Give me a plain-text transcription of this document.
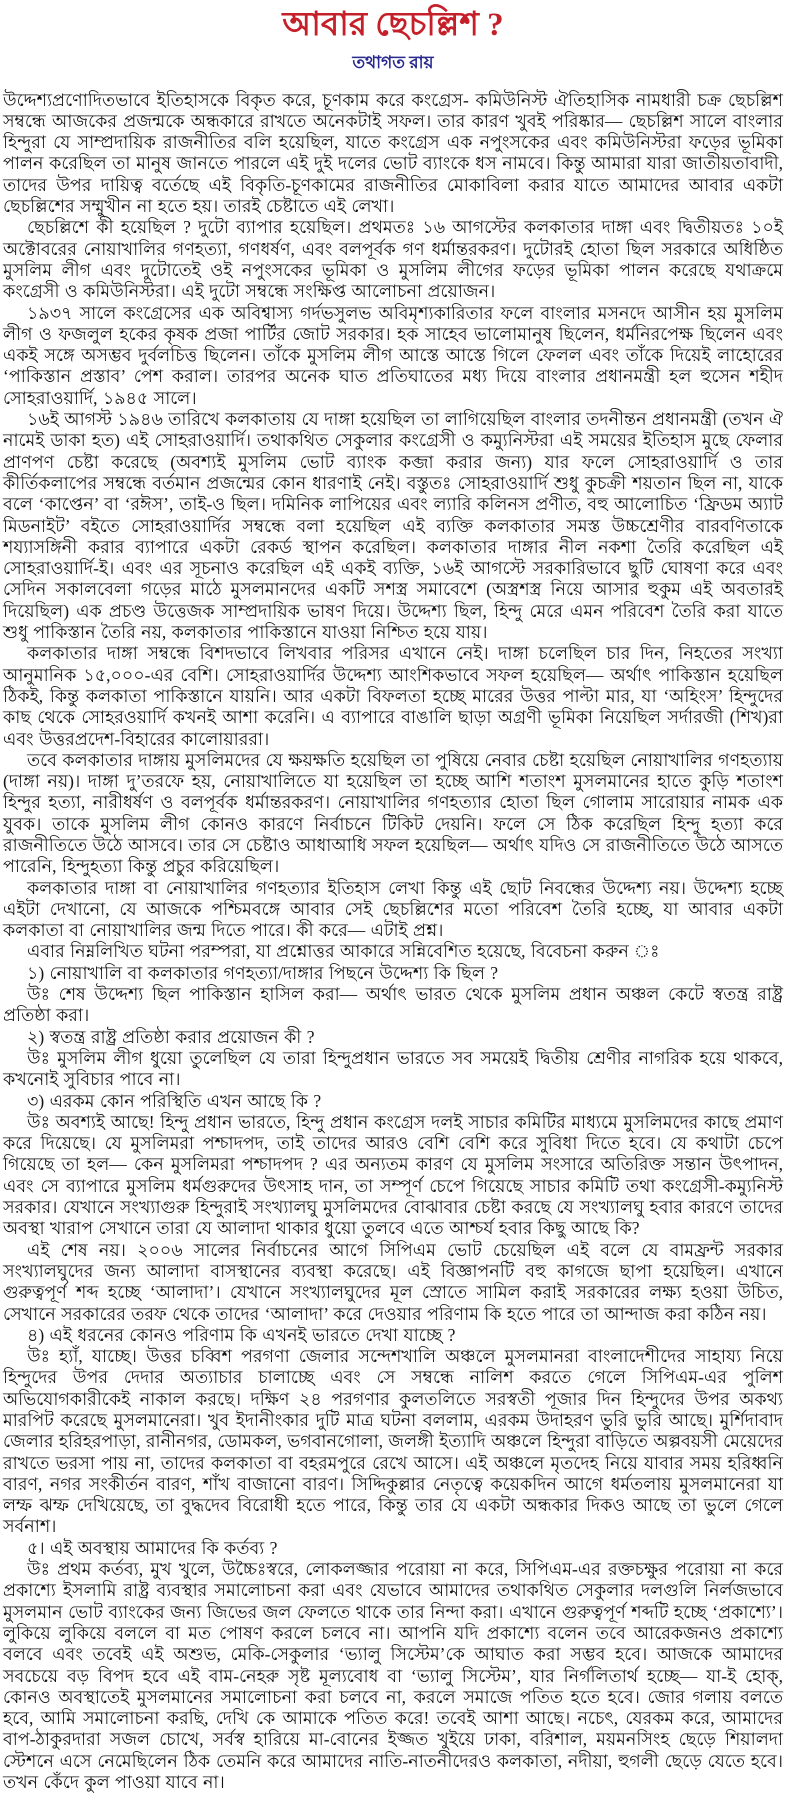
আবার ছেচল্লিশ ?
তথাগত রায়

উদ্দেশ্যপ্রণোদিতভাবে ইতিহাসকে বিকৃত করে, চূণকাম করে কংগ্রেস- কমিউনিস্ট ঐতিহাসিক নামধারী চক্র ছেচল্লিশ সম্বন্ধে আজকের প্রজন্মকে অন্ধকারে রাখতে অনেকটাই সফল। তার কারণ খুবই পরিষ্কার— ছেচল্লিশ সালে বাংলার হিন্দুরা যে সাম্প্রদায়িক রাজনীতির বলি হয়েছিল, যাতে কংগ্রেস এক নপুংসকের এবং কমিউনিস্টরা ফড়ের ভূমিকা পালন করেছিল তা মানুষ জানতে পারলে এই দুই দলের ভোট ব্যাংকে ধস নামবে। কিন্তু আমারা যারা জাতীয়তাবাদী, তাদের উপর দায়িত্ব বর্তেছে এই বিকৃতি-চূণকামের রাজনীতির মোকাবিলা করার যাতে আমাদের আবার একটা ছেচল্লিশের সম্মুখীন না হতে হয়। তারই চেষ্টাতে এই লেখা।

ছেচল্লিশে কী হয়েছিল ? দুটো ব্যাপার হয়েছিল। প্রথমতঃ ১৬ আগস্টের কলকাতার দাঙ্গা এবং দ্বিতীয়তঃ ১০ই অক্টোবরের নোয়াখালির গণহত্যা, গণধর্ষণ, এবং বলপূর্বক গণ ধর্মান্তরকরণ। দুটোরই হোতা ছিল সরকারে অধিষ্ঠিত মুসলিম লীগ এবং দুটোতেই ওই নপুংসকের ভূমিকা ও মুসলিম লীগের ফড়ের ভূমিকা পালন করেছে যথাক্রমে কংগ্রেসী ও কমিউনিস্টরা। এই দুটো সম্বন্ধে সংক্ষিপ্ত আলোচনা প্রয়োজন।

১৯৩৭ সালে কংগ্রেসের এক অবিশ্বাস্য গর্দভসুলভ অবিমৃশ্যকারিতার ফলে বাংলার মসনদে আসীন হয় মুসলিম লীগ ও ফজলুল হকের কৃষক প্রজা পার্টির জোট সরকার। হক সাহেব ভালোমানুষ ছিলেন, ধর্মনিরপেক্ষ ছিলেন এবং একই সঙ্গে অসম্ভব দুর্বলচিত্ত ছিলেন। তাঁকে মুসলিম লীগ আস্তে আস্তে গিলে ফেলল এবং তাঁকে দিয়েই লাহোরের ‘পাকিস্তান প্রস্তাব’ পেশ করাল। তারপর অনেক ঘাত প্রতিঘাতের মধ্য দিয়ে বাংলার প্রধানমন্ত্রী হল হুসেন শহীদ সোহরাওয়ার্দি, ১৯৪৫ সালে।

১৬ই আগস্ট ১৯৪৬ তারিখে কলকাতায় যে দাঙ্গা হয়েছিল তা লাগিয়েছিল বাংলার তদনীন্তন প্রধানমন্ত্রী (তখন ঐ নামেই ডাকা হত) এই সোহরাওয়ার্দি। তথাকথিত সেকুলার কংগ্রেসী ও কম্যুনিস্টরা এই সময়ের ইতিহাস মুছে ফেলার প্রাণপণ চেষ্টা করেছে (অবশ্যই মুসলিম ভোট ব্যাংক কব্জা করার জন্য) যার ফলে সোহরাওয়ার্দি ও তার কীর্তিকলাপের সম্বন্ধে বর্তমান প্রজন্মের কোন ধারণাই নেই। বস্তুতঃ সোহরাওয়ার্দি শুধু কুচক্রী শয়তান ছিল না, যাকে বলে ‘কাপ্তেন’ বা ‘রঈস’, তাই-ও ছিল। দমিনিক লাপিয়ের এবং ল্যারি কলিনস প্রণীত, বহু আলোচিত ‘ফ্রিডম অ্যাট মিডনাইট’ বইতে সোহরাওয়ার্দির সম্বন্ধে বলা হয়েছিল এই ব্যক্তি কলকাতার সমস্ত উচ্চশ্রেণীর বারবণিতাকে শয্যাসঙ্গিনী করার ব্যাপারে একটা রেকর্ড স্থাপন করেছিল। কলকাতার দাঙ্গার নীল নকশা তৈরি করেছিল এই সোহরাওয়ার্দি-ই। এবং এর সূচনাও করেছিল এই একই ব্যক্তি, ১৬ই আগস্টে সরকারিভাবে ছুটি ঘোষণা করে এবং সেদিন সকালবেলা গড়ের মাঠে মুসলমানদের একটি সশস্ত্র সমাবেশে (অস্ত্রশস্ত্র নিয়ে আসার হুকুম এই অবতারই দিয়েছিল) এক প্রচণ্ড উত্তেজক সাম্প্রদায়িক ভাষণ দিয়ে। উদ্দেশ্য ছিল, হিন্দু মেরে এমন পরিবেশ তৈরি করা যাতে শুধু পাকিস্তান তৈরি নয়, কলকাতার পাকিস্তানে যাওয়া নিশ্চিত হয়ে যায়।

কলকাতার দাঙ্গা সম্বন্ধে বিশদভাবে লিখবার পরিসর এখানে নেই। দাঙ্গা চলেছিল চার দিন, নিহতের সংখ্যা আনুমানিক ১৫,০০০-এর বেশি। সোহরাওয়ার্দির উদ্দেশ্য আংশিকভাবে সফল হয়েছিল— অর্থাৎ পাকিস্তান হয়েছিল ঠিকই, কিন্তু কলকাতা পাকিস্তানে যায়নি। আর একটা বিফলতা হচ্ছে মারের উত্তর পাল্টা মার, যা ‘অহিংস’ হিন্দুদের কাছ থেকে সোহরওয়ার্দি কখনই আশা করেনি। এ ব্যাপারে বাঙালি ছাড়া অগ্রণী ভূমিকা নিয়েছিল সর্দারজী (শিখ)রা এবং উত্তরপ্রদেশ-বিহারের কালোয়াররা।

তবে কলকাতার দাঙ্গায় মুসলিমদের যে ক্ষয়ক্ষতি হয়েছিল তা পুষিয়ে নেবার চেষ্টা হয়েছিল নোয়াখালির গণহত্যায় (দাঙ্গা নয়)। দাঙ্গা দু’তরফে হয়, নোয়াখালিতে যা হয়েছিল তা হচ্ছে আশি শতাংশ মুসলমানের হাতে কুড়ি শতাংশ হিন্দুর হত্যা, নারীধর্ষণ ও বলপূর্বক ধর্মান্তরকরণ। নোয়াখালির গণহত্যার হোতা ছিল গোলাম সারোয়ার নামক এক যুবক। তাকে মুসলিম লীগ কোনও কারণে নির্বাচনে টিকিট দেয়নি। ফলে সে ঠিক করেছিল হিন্দু হত্যা করে রাজনীতিতে উঠে আসবে। তার সে চেষ্টাও আধাআধি সফল হয়েছিল— অর্থাৎ যদিও সে রাজনীতিতে উঠে আসতে পারেনি, হিন্দুহত্যা কিন্তু প্রচুর করিয়েছিল।

কলকাতার দাঙ্গা বা নোয়াখালির গণহত্যার ইতিহাস লেখা কিন্তু এই ছোট নিবন্ধের উদ্দেশ্য নয়। উদ্দেশ্য হচ্ছে এইটা দেখানো, যে আজকে পশ্চিমবঙ্গে আবার সেই ছেচল্লিশের মতো পরিবেশ তৈরি হচ্ছে, যা আবার একটা কলকাতা বা নোয়াখালির জন্ম দিতে পারে। কী করে— এটাই প্রশ্ন।

এবার নিম্নলিখিত ঘটনা পরম্পরা, যা প্রশ্নোত্তর আকারে সন্নিবেশিত হয়েছে, বিবেচনা করুন ঃ

১) নোয়াখালি বা কলকাতার গণহত্যা/দাঙ্গার পিছনে উদ্দেশ্য কি ছিল ?

উঃ শেষ উদ্দেশ্য ছিল পাকিস্তান হাসিল করা— অর্থাৎ ভারত থেকে মুসলিম প্রধান অঞ্চল কেটে স্বতন্ত্র রাষ্ট্র প্রতিষ্ঠা করা।

২) স্বতন্ত্র রাষ্ট্র প্রতিষ্ঠা করার প্রয়োজন কী ?

উঃ মুসলিম লীগ ধুয়ো তুলেছিল যে তারা হিন্দুপ্রধান ভারতে সব সময়েই দ্বিতীয় শ্রেণীর নাগরিক হয়ে থাকবে, কখনোই সুবিচার পাবে না।

৩) এরকম কোন পরিস্থিতি এখন আছে কি ?

উঃ অবশ্যই আছে! হিন্দু প্রধান ভারতে, হিন্দু প্রধান কংগ্রেস দলই সাচার কমিটির মাধ্যমে মুসলিমদের কাছে প্রমাণ করে দিয়েছে। যে মুসলিমরা পশ্চাদপদ, তাই তাদের আরও বেশি বেশি করে সুবিধা দিতে হবে। যে কথাটা চেপে গিয়েছে তা হল— কেন মুসলিমরা পশ্চাদপদ ? এর অন্যতম কারণ যে মুসলিম সংসারে অতিরিক্ত সন্তান উৎপাদন, এবং সে ব্যাপারে মুসলিম ধর্মগুরুদের উৎসাহ দান, তা সম্পূর্ণ চেপে গিয়েছে সাচার কমিটি তথা কংগ্রেসী-কম্যুনিস্ট সরকার। যেখানে সংখ্যাগুরু হিন্দুরাই সংখ্যালঘু মুসলিমদের বোঝাবার চেষ্টা করছে যে সংখ্যালঘু হবার কারণে তাদের অবস্থা খারাপ সেখানে তারা যে আলাদা থাকার ধুয়ো তুলবে এতে আশ্চর্য হবার কিছু আছে কি?

এই শেষ নয়। ২০০৬ সালের নির্বাচনের আগে সিপিএম ভোট চেয়েছিল এই বলে যে বামফ্রন্ট সরকার সংখ্যালঘুদের জন্য আলাদা বাসস্থানের ব্যবস্থা করেছে। এই বিজ্ঞাপনটি বহু কাগজে ছাপা হয়েছিল। এখানে গুরুত্বপূর্ণ শব্দ হচ্ছে ‘আলাদা’। যেখানে সংখ্যালঘুদের মূল স্রোতে সামিল করাই সরকারের লক্ষ্য হওয়া উচিত, সেখানে সরকারের তরফ থেকে তাদের ‘আলাদা’ করে দেওয়ার পরিণাম কি হতে পারে তা আন্দাজ করা কঠিন নয়।

৪) এই ধরনের কোনও পরিণাম কি এখনই ভারতে দেখা যাচ্ছে ?

উঃ হ্যাঁ, যাচ্ছে। উত্তর চব্বিশ পরগণা জেলার সন্দেশখালি অঞ্চলে মুসলমানরা বাংলাদেশীদের সাহায্য নিয়ে হিন্দুদের উপর দেদার অত্যাচার চালাচ্ছে এবং সে সম্বন্ধে নালিশ করতে গেলে সিপিএম-এর পুলিশ অভিযোগকারীকেই নাকাল করছে। দক্ষিণ ২৪ পরগণার কুলতলিতে সরস্বতী পূজার দিন হিন্দুদের উপর অকথ্য মারপিট করেছে মুসলমানেরা। খুব ইদানীংকার দুটি মাত্র ঘটনা বললাম, এরকম উদাহরণ ভুরি ভুরি আছে। মুর্শিদাবাদ জেলার হরিহরপাড়া, রানীনগর, ডোমকল, ভগবানগোলা, জলঙ্গী ইত্যাদি অঞ্চলে হিন্দুরা বাড়িতে অল্পবয়সী মেয়েদের রাখতে ভরসা পায় না, তাদের কলকাতা বা বহরমপুরে রেখে আসে। এই অঞ্চলে মৃতদেহ নিয়ে যাবার সময় হরিধ্বনি বারণ, নগর সংকীর্তন বারণ, শাঁখ বাজানো বারণ। সিদ্দিকুল্লার নেতৃত্বে কয়েকদিন আগে ধর্মতলায় মুসলমানেরা যা লম্ফ ঝম্ফ দেখিয়েছে, তা বুদ্ধদেব বিরোধী হতে পারে, কিন্তু তার যে একটা অন্ধকার দিকও আছে তা ভুলে গেলে সর্বনাশ।

৫। এই অবস্থায় আমাদের কি কর্তব্য ?

উঃ প্রথম কর্তব্য, মুখ খুলে, উচ্চৈঃস্বরে, লোকলজ্জার পরোয়া না করে, সিপিএম-এর রক্তচক্ষুর পরোয়া না করে প্রকাশ্যে ইসলামি রাষ্ট্র ব্যবস্থার সমালোচনা করা এবং যেভাবে আমাদের তথাকথিত সেকুলার দলগুলি নির্লজভাবে মুসলমান ভোট ব্যাংকের জন্য জিভের জল ফেলতে থাকে তার নিন্দা করা। এখানে গুরুত্বপূর্ণ শব্দটি হচ্ছে ‘প্রকাশ্যে’। লুকিয়ে লুকিয়ে বললে বা মত পোষণ করলে চলবে না। আপনি যদি প্রকাশ্যে বলেন তবে আরেকজনও প্রকাশ্যে বলবে এবং তবেই এই অশুভ, মেকি-সেকুলার ‘ভ্যালু সিস্টেম’কে আঘাত করা সম্ভব হবে। আজকে আমাদের সবচেয়ে বড় বিপদ হবে এই বাম-নেহরু সৃষ্ট মূল্যবোধ বা ‘ভ্যালু সিস্টেম’, যার নির্গলিতার্থ হচ্ছে— যা-ই হোক্, কোনও অবস্থাতেই মুসলমানের সমালোচনা করা চলবে না, করলে সমাজে পতিত হতে হবে। জোর গলায় বলতে হবে, আমি সমালোচনা করছি, দেখি কে আমাকে পতিত করে! তবেই আশা আছে। নচেৎ, যেরকম করে, আমাদের বাপ-ঠাকুরদারা সজল চোখে, সর্বস্ব হারিয়ে মা-বোনের ইজ্জত খুইয়ে ঢাকা, বরিশাল, ময়মনসিংহ ছেড়ে শিয়ালদা স্টেশনে এসে নেমেছিলেন ঠিক তেমনি করে আমাদের নাতি-নাতনীদেরও কলকাতা, নদীয়া, হুগলী ছেড়ে যেতে হবে। তখন কেঁদে কুল পাওয়া যাবে না।
